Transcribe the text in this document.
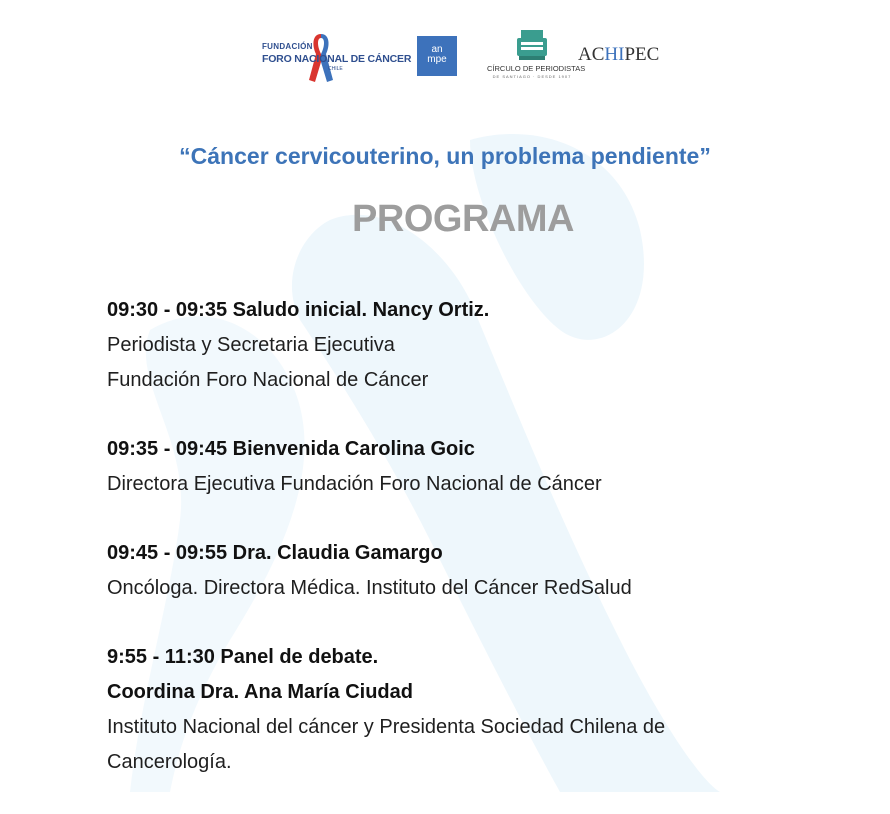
FUNDACIÓN
FORO NACIONAL DE CÁNCER
CHILE
an
mpe
CÍRCULO DE PERIODISTAS
DE SANTIAGO · DESDE 1907
ACHIPEC
“Cáncer cervicouterino, un problema pendiente”
PROGRAMA
09:30 - 09:35 Saludo inicial. Nancy Ortiz.
Periodista y Secretaria Ejecutiva
Fundación Foro Nacional de Cáncer
09:35 - 09:45 Bienvenida Carolina Goic
Directora Ejecutiva Fundación Foro Nacional de Cáncer
09:45 - 09:55 Dra. Claudia Gamargo
Oncóloga. Directora Médica. Instituto del Cáncer RedSalud
9:55 - 11:30 Panel de debate.
Coordina Dra. Ana María Ciudad
Instituto Nacional del cáncer y Presidenta Sociedad Chilena de
Cancerología.
